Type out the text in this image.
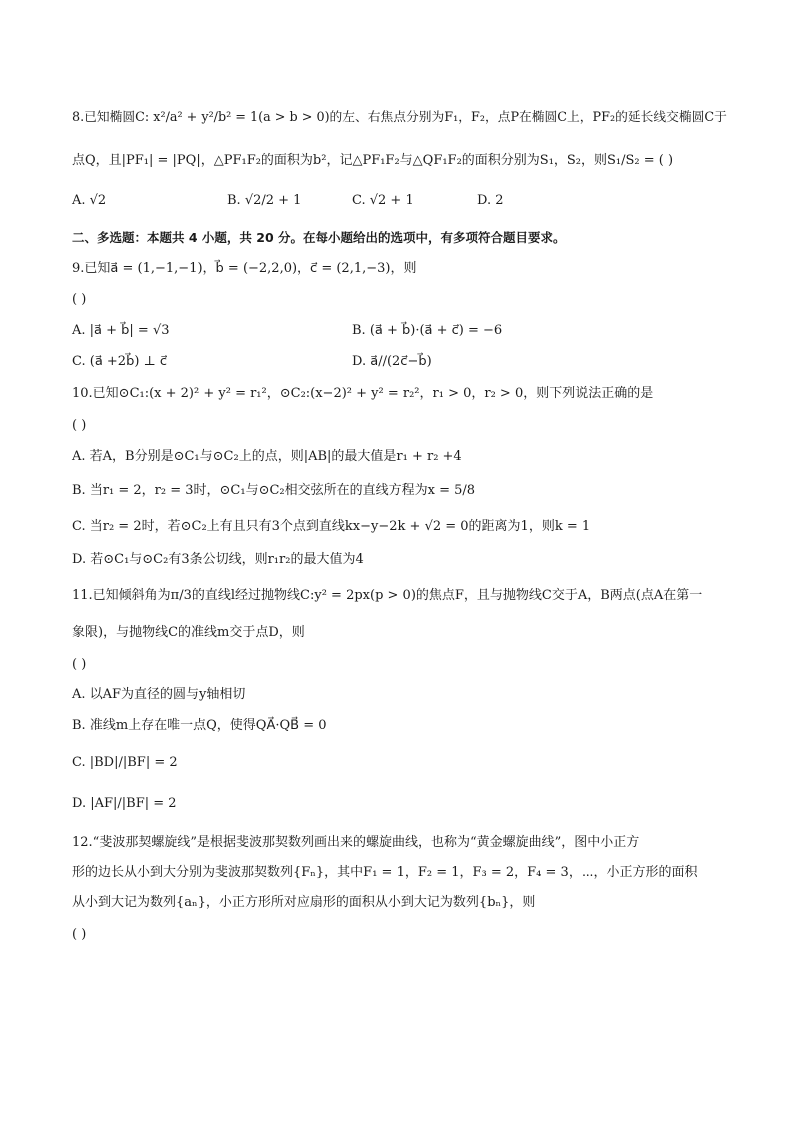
8.已知椭圆C: x²/a² + y²/b² = 1(a > b > 0)的左、右焦点分别为F₁，F₂，点P在椭圆C上，PF₂的延长线交椭圆C于
点Q，且|PF₁| = |PQ|，△PF₁F₂的面积为b²，记△PF₁F₂与△QF₁F₂的面积分别为S₁，S₂，则S₁/S₂ = ( )
A. √2	B. √2/2 + 1	C. √2 + 1	D. 2
二、多选题：本题共 4 小题，共 20 分。在每小题给出的选项中，有多项符合题目要求。
9.已知a⃗ = (1,−1,−1)，b⃗ = (−2,2,0)，c⃗ = (2,1,−3)，则
( )
A. |a⃗ + b⃗| = √3	B. (a⃗ + b⃗)·(a⃗ + c⃗) = −6
C. (a⃗ +2b⃗) ⊥ c⃗	D. a⃗//(2c⃗−b⃗)
10.已知⊙C₁:(x + 2)² + y² = r₁²，⊙C₂:(x−2)² + y² = r₂²，r₁ > 0，r₂ > 0，则下列说法正确的是
( )
A. 若A，B分别是⊙C₁与⊙C₂上的点，则|AB|的最大值是r₁ + r₂ +4
B. 当r₁ = 2，r₂ = 3时，⊙C₁与⊙C₂相交弦所在的直线方程为x = 5/8
C. 当r₂ = 2时，若⊙C₂上有且只有3个点到直线kx−y−2k + √2 = 0的距离为1，则k = 1
D. 若⊙C₁与⊙C₂有3条公切线，则r₁r₂的最大值为4
11.已知倾斜角为π/3的直线l经过抛物线C:y² = 2px(p > 0)的焦点F，且与抛物线C交于A，B两点(点A在第一
象限)，与抛物线C的准线m交于点D，则
( )
A. 以AF为直径的圆与y轴相切
B. 准线m上存在唯一点Q，使得QA⃗·QB⃗ = 0
C. |BD|/|BF| = 2
D. |AF|/|BF| = 2
12.“斐波那契螺旋线”是根据斐波那契数列画出来的螺旋曲线，也称为“黄金螺旋曲线”，图中小正方
形的边长从小到大分别为斐波那契数列{Fₙ}，其中F₁ = 1，F₂ = 1，F₃ = 2，F₄ = 3，⋯，小正方形的面积
从小到大记为数列{aₙ}，小正方形所对应扇形的面积从小到大记为数列{bₙ}，则
( )
